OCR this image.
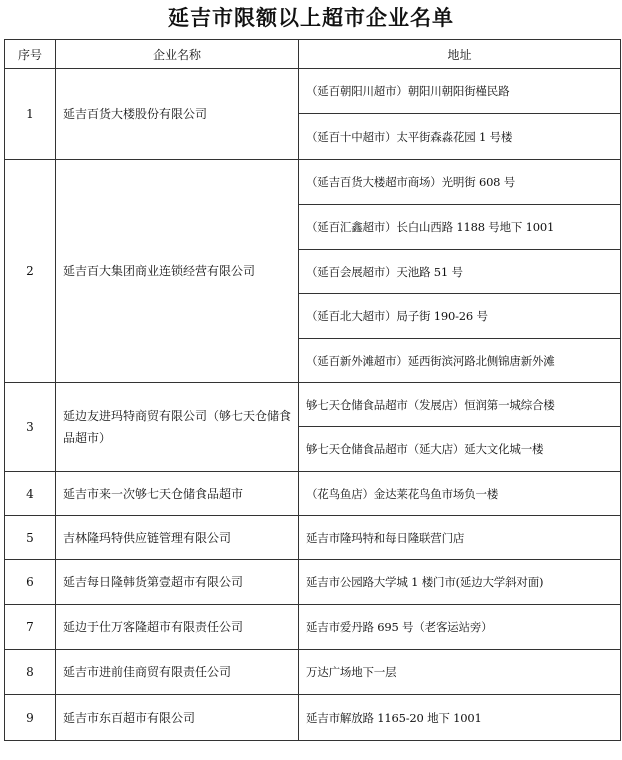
延吉市限额以上超市企业名单
序号	企业名称	地址
1	延吉百货大楼股份有限公司	（延百朝阳川超市）朝阳川朝阳街槿民路
		（延百十中超市）太平街森淼花园 1 号楼
2	延吉百大集团商业连锁经营有限公司	（延吉百货大楼超市商场）光明街 608 号
		（延百汇鑫超市）长白山西路 1188 号地下 1001
		（延百会展超市）天池路 51 号
		（延百北大超市）局子街 190-26 号
		（延百新外滩超市）延西街滨河路北侧锦唐新外滩
3	延边友进玛特商贸有限公司（够七天仓储食品超市）	够七天仓储食品超市（发展店）恒润第一城综合楼
		够七天仓储食品超市（延大店）延大文化城一楼
4	延吉市来一次够七天仓储食品超市	（花鸟鱼店）金达莱花鸟鱼市场负一楼
5	吉林隆玛特供应链管理有限公司	延吉市隆玛特和每日隆联营门店
6	延吉每日隆韩货第壹超市有限公司	延吉市公园路大学城 1 楼门市(延边大学斜对面)
7	延边于仕万客隆超市有限责任公司	延吉市爱丹路 695 号（老客运站旁）
8	延吉市进前佳商贸有限责任公司	万达广场地下一层
9	延吉市东百超市有限公司	延吉市解放路 1165-20 地下 1001
